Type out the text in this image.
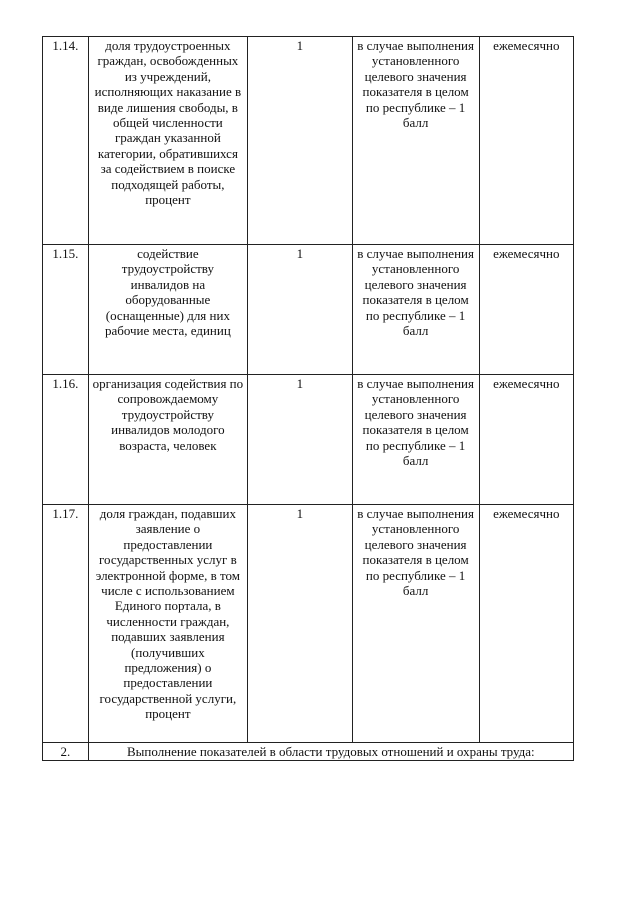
1.14.	доля трудоустроенных граждан, освобожденных из учреждений, исполняющих наказание в виде лишения свободы, в общей численности граждан указанной категории, обратившихся за содействием в поиске подходящей работы, процент	1	в случае выполнения установленного целевого значения показателя в целом по республике – 1 балл	ежемесячно
1.15.	содействие трудоустройству инвалидов на оборудованные (оснащенные) для них рабочие места, единиц	1	в случае выполнения установленного целевого значения показателя в целом по республике – 1 балл	ежемесячно
1.16.	организация содействия по сопровождаемому трудоустройству инвалидов молодого возраста, человек	1	в случае выполнения установленного целевого значения показателя в целом по республике – 1 балл	ежемесячно
1.17.	доля граждан, подавших заявление о предоставлении государственных услуг в электронной форме, в том числе с использованием Единого портала, в численности граждан, подавших заявления (получивших предложения) о предоставлении государственной услуги, процент	1	в случае выполнения установленного целевого значения показателя в целом по республике – 1 балл	ежемесячно
2.	Выполнение показателей в области трудовых отношений и охраны труда:			
